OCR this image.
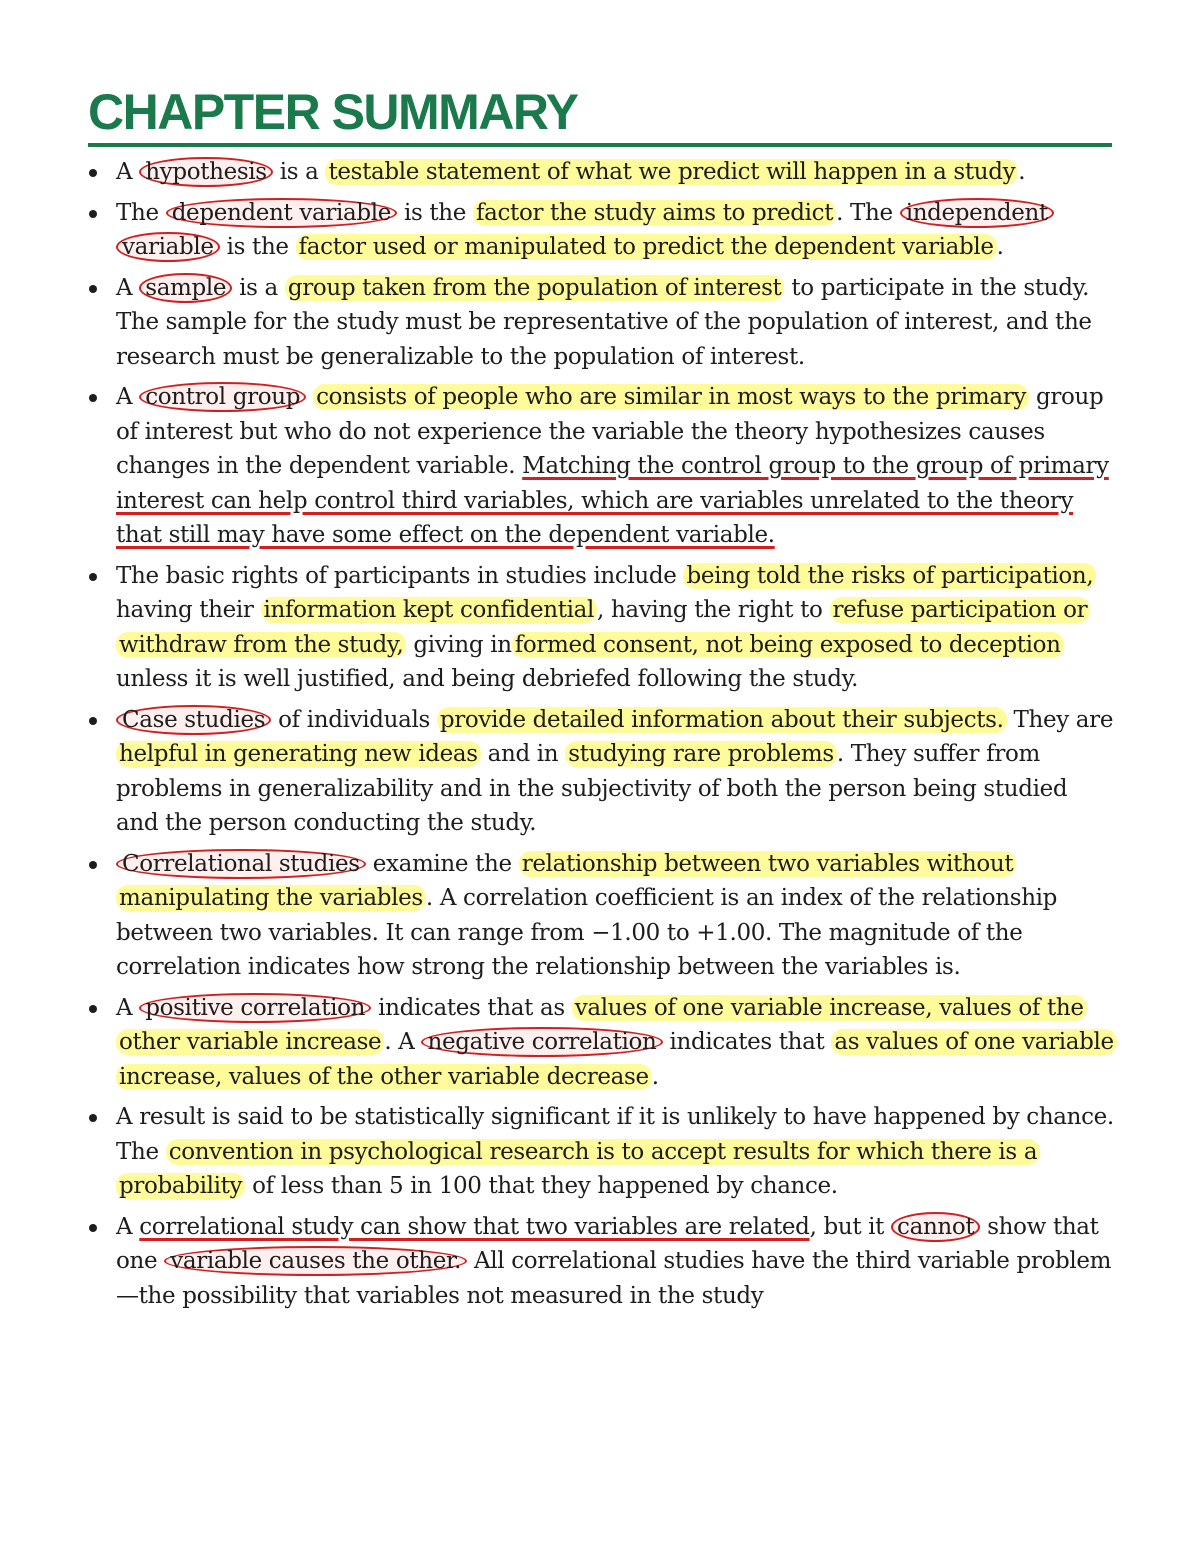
CHAPTER SUMMARY
A hypothesis is a testable statement of what we predict will happen in a study .
The dependent variable is the factor the study aims to predict . The independent variable is the factor used or manipulated to predict the dependent variable .
A sample is a group taken from the population of interest to participate in the study. The sample for the study must be representative of the population of interest, and the research must be generalizable to the population of interest.
A control group consists of people who are similar in most ways to the primary group of interest but who do not experience the variable the theory hypothesizes causes changes in the dependent variable. Matching the control group to the group of primary interest can help control third variables, which are variables unrelated to the theory that still may have some effect on the dependent variable.
The basic rights of participants in studies include being told the risks of participation, having their information kept confidential , having the right to refuse participation or withdraw from the study, giving in formed consent, not being exposed to deception unless it is well justified, and being debriefed following the study.
Case studies of individuals provide detailed information about their subjects. They are helpful in generating new ideas and in studying rare problems . They suffer from problems in generalizability and in the subjectivity of both the person being studied and the person conducting the study.
Correlational studies examine the relationship between two variables without manipulating the variables . A correlation coefficient is an index of the relationship between two variables. It can range from −1.00 to +1.00. The magnitude of the correlation indicates how strong the relationship between the variables is.
A positive correlation indicates that as values of one variable increase, values of the other variable increase . A negative correlation indicates that as values of one variable increase, values of the other variable decrease .
A result is said to be statistically significant if it is unlikely to have happened by chance. The convention in psychological research is to accept results for which there is a probability of less than 5 in 100 that they happened by chance.
A correlational study can show that two variables are related, but it cannot show that one variable causes the other. All correlational studies have the third variable problem—the possibility that variables not measured in the study
